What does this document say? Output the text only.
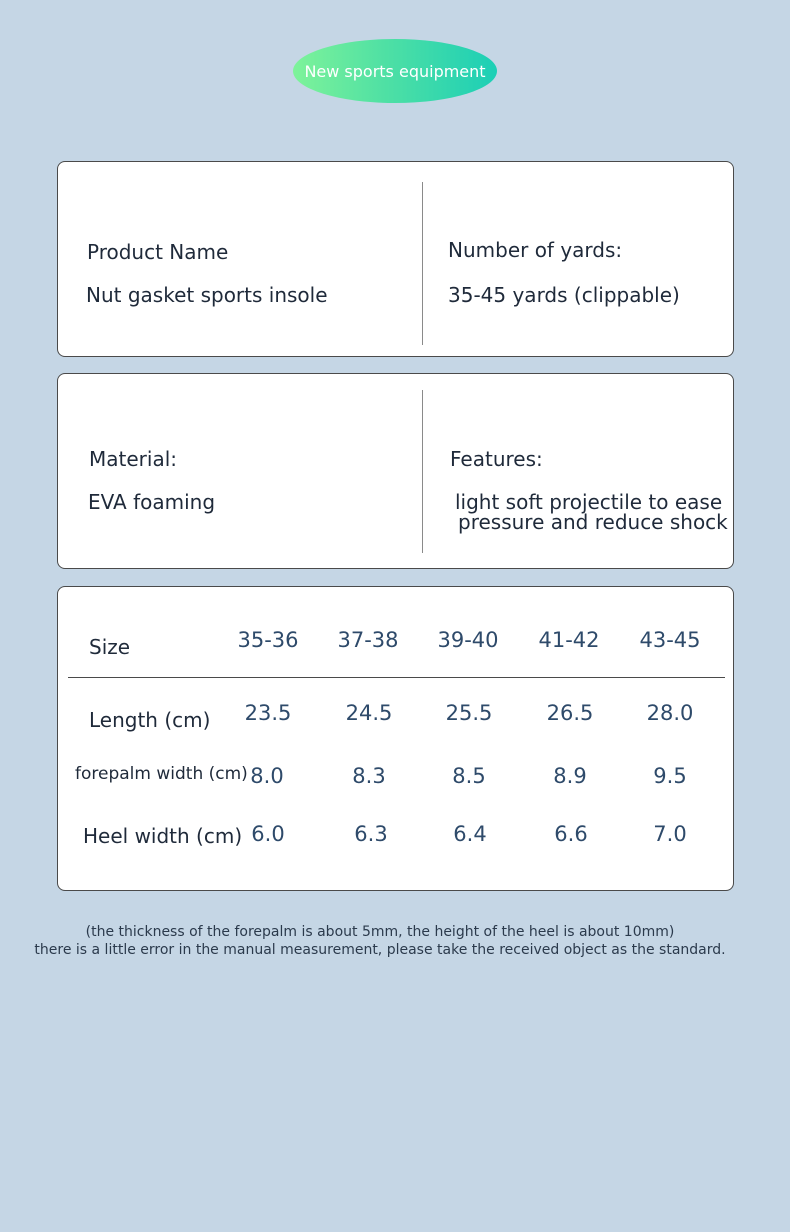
New sports equipment
Product Name
Nut gasket sports insole
Number of yards:
35-45 yards (clippable)
Material:
EVA foaming
Features:
light soft projectile to ease
pressure and reduce shock
Size	35-36 37-38 39-40 41-42 43-45
Length (cm) 23.5	24.5	25.5	26.5	28.0
forepalm width (cm) 8.0	8.3	8.5	8.9	9.5
Heel width (cm) 6.0	6.3	6.4	6.6	7.0
(the thickness of the forepalm is about 5mm, the height of the heel is about 10mm)
there is a little error in the manual measurement, please take the received object as the standard.
